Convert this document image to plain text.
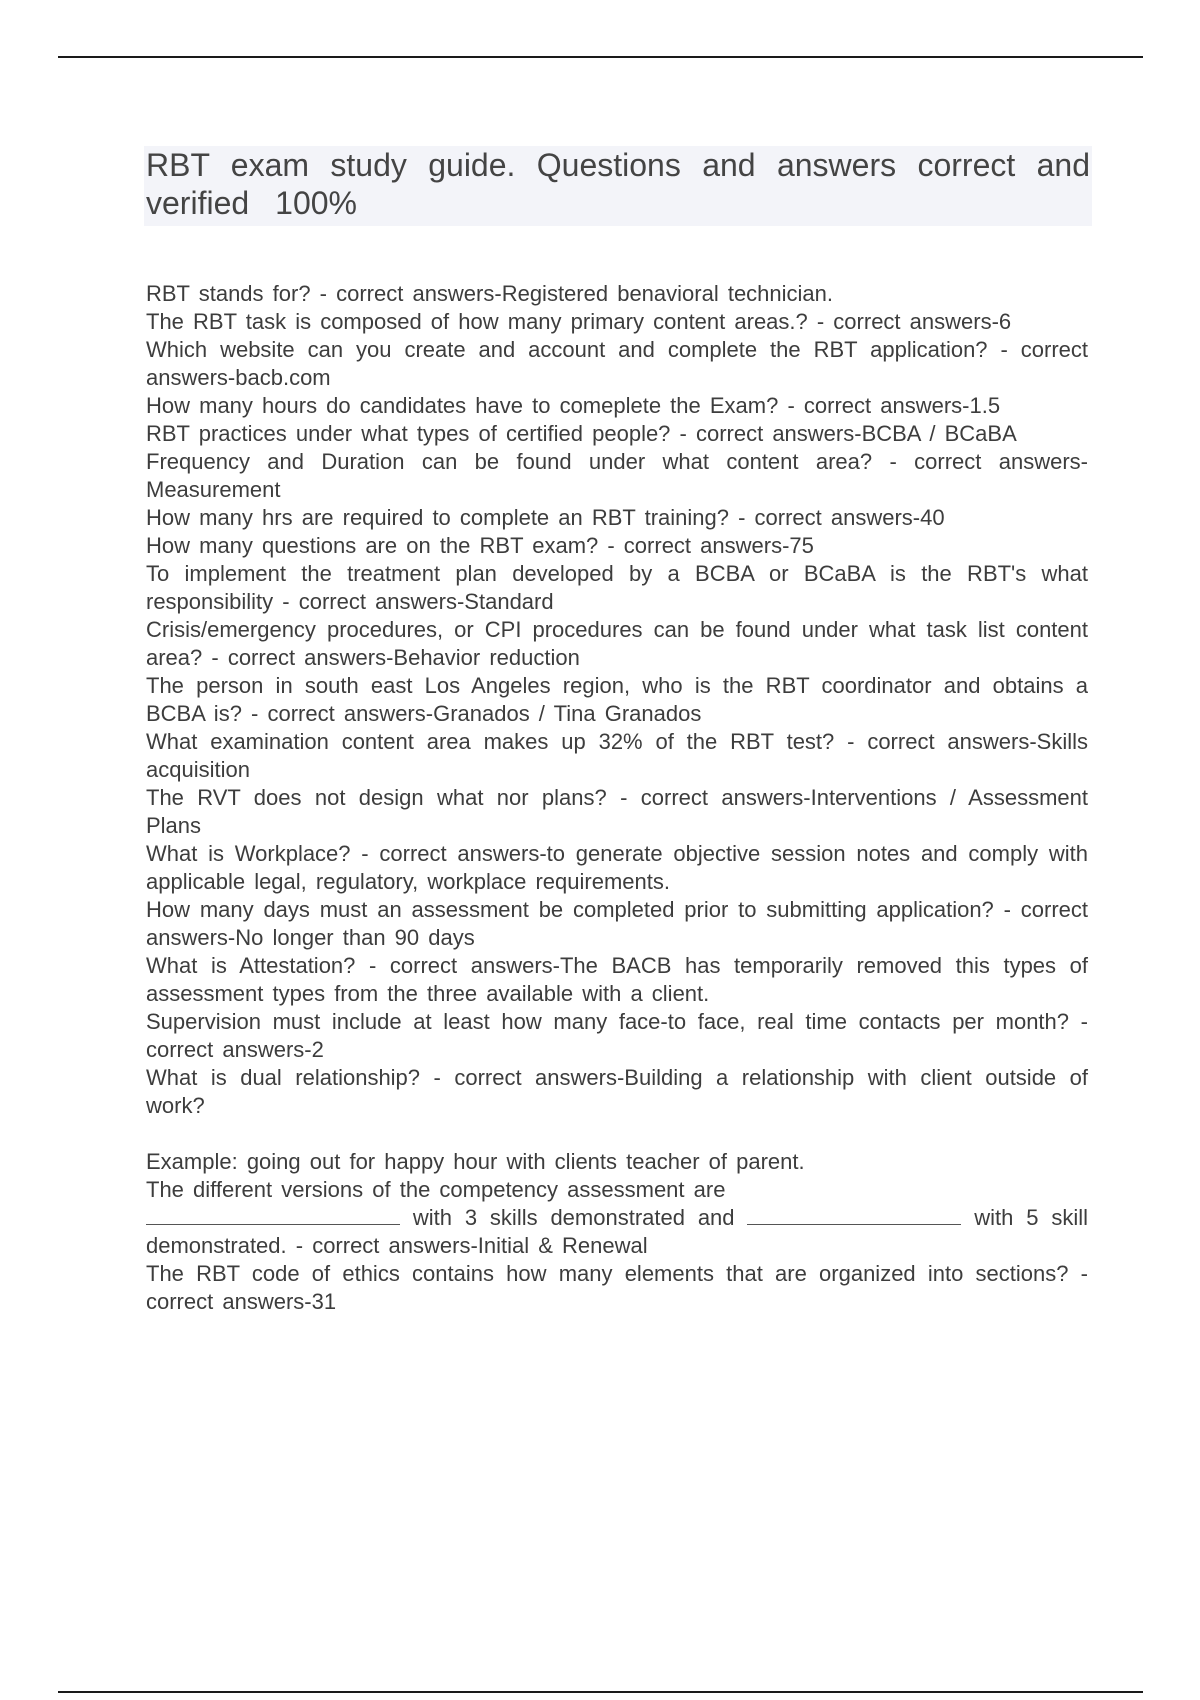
RBT exam study guide. Questions and answers correct and verified 100%

RBT stands for? - correct answers-Registered benavioral technician.

The RBT task is composed of how many primary content areas.? - correct answers-6

Which website can you create and account and complete the RBT application? - correct answers-bacb.com

How many hours do candidates have to comeplete the Exam? - correct answers-1.5

RBT practices under what types of certified people? - correct answers-BCBA / BCaBA

Frequency and Duration can be found under what content area? - correct answers-Measurement

How many hrs are required to complete an RBT training? - correct answers-40

How many questions are on the RBT exam? - correct answers-75

To implement the treatment plan developed by a BCBA or BCaBA is the RBT's what responsibility - correct answers-Standard

Crisis/emergency procedures, or CPI procedures can be found under what task list content area? - correct answers-Behavior reduction

The person in south east Los Angeles region, who is the RBT coordinator and obtains a BCBA is? - correct answers-Granados / Tina Granados

What examination content area makes up 32% of the RBT test? - correct answers-Skills acquisition

The RVT does not design what nor plans? - correct answers-Interventions / Assessment Plans

What is Workplace? - correct answers-to generate objective session notes and comply with applicable legal, regulatory, workplace requirements.

How many days must an assessment be completed prior to submitting application? - correct answers-No longer than 90 days

What is Attestation? - correct answers-The BACB has temporarily removed this types of assessment types from the three available with a client.

Supervision must include at least how many face-to face, real time contacts per month? - correct answers-2

What is dual relationship? - correct answers-Building a relationship with client outside of work?

Example: going out for happy hour with clients teacher of parent.

The different versions of the competency assessment are
with 3 skills demonstrated and	with 5 skill demonstrated. - correct answers-Initial & Renewal

The RBT code of ethics contains how many elements that are organized into sections? - correct answers-31
